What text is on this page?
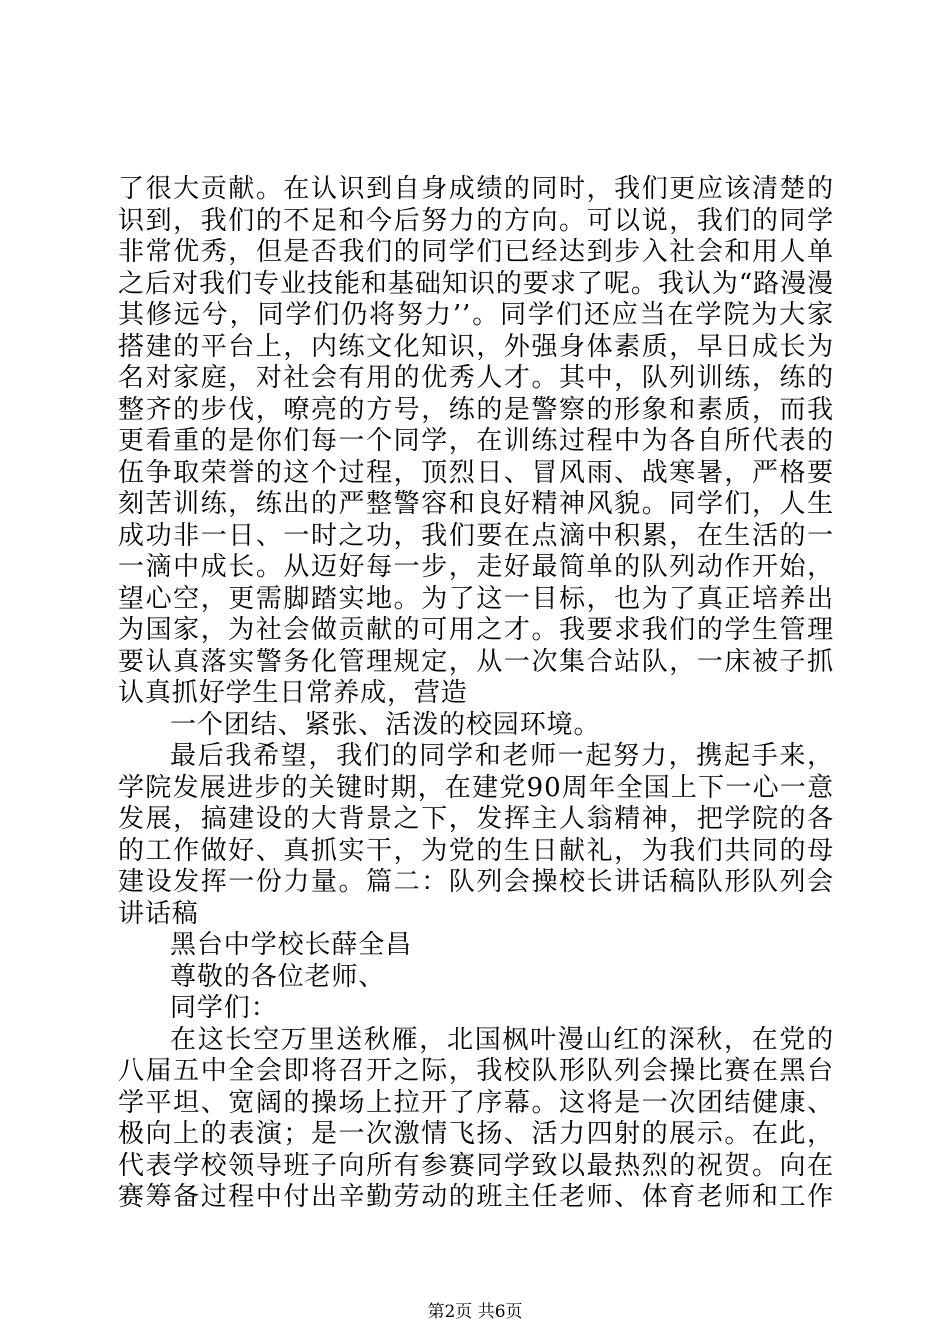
了很大贡献。在认识到自身成绩的同时，我们更应该清楚的
识到，我们的不足和今后努力的方向。可以说，我们的同学
非常优秀，但是否我们的同学们已经达到步入社会和用人单
之后对我们专业技能和基础知识的要求了呢。我认为“路漫漫
其修远兮，同学们仍将努力’’。同学们还应当在学院为大家
搭建的平台上，内练文化知识，外强身体素质，早日成长为
名对家庭，对社会有用的优秀人才。其中，队列训练，练的
整齐的步伐，嘹亮的方号，练的是警察的形象和素质，而我
更看重的是你们每一个同学，在训练过程中为各自所代表的
伍争取荣誉的这个过程，顶烈日、冒风雨、战寒暑，严格要
刻苦训练，练出的严整警容和良好精神风貌。同学们，人生
成功非一日、一时之功，我们要在点滴中积累，在生活的一
一滴中成长。从迈好每一步，走好最简单的队列动作开始，
望心空，更需脚踏实地。为了这一目标，也为了真正培养出
为国家，为社会做贡献的可用之才。我要求我们的学生管理
要认真落实警务化管理规定，从一次集合站队，一床被子抓
认真抓好学生日常养成，营造
一个团结、紧张、活泼的校园环境。
最后我希望，我们的同学和老师一起努力，携起手来，
学院发展进步的关键时期，在建党90周年全国上下一心一意
发展，搞建设的大背景之下，发挥主人翁精神，把学院的各
的工作做好、真抓实干，为党的生日献礼，为我们共同的母
建设发挥一份力量。篇二：队列会操校长讲话稿队形队列会
讲话稿
黑台中学校长薛全昌
尊敬的各位老师、
同学们：
在这长空万里送秋雁，北国枫叶漫山红的深秋，在党的
八届五中全会即将召开之际，我校队形队列会操比赛在黑台
学平坦、宽阔的操场上拉开了序幕。这将是一次团结健康、
极向上的表演；是一次激情飞扬、活力四射的展示。在此，
代表学校领导班子向所有参赛同学致以最热烈的祝贺。向在
赛筹备过程中付出辛勤劳动的班主任老师、体育老师和工作
第2页 共6页
